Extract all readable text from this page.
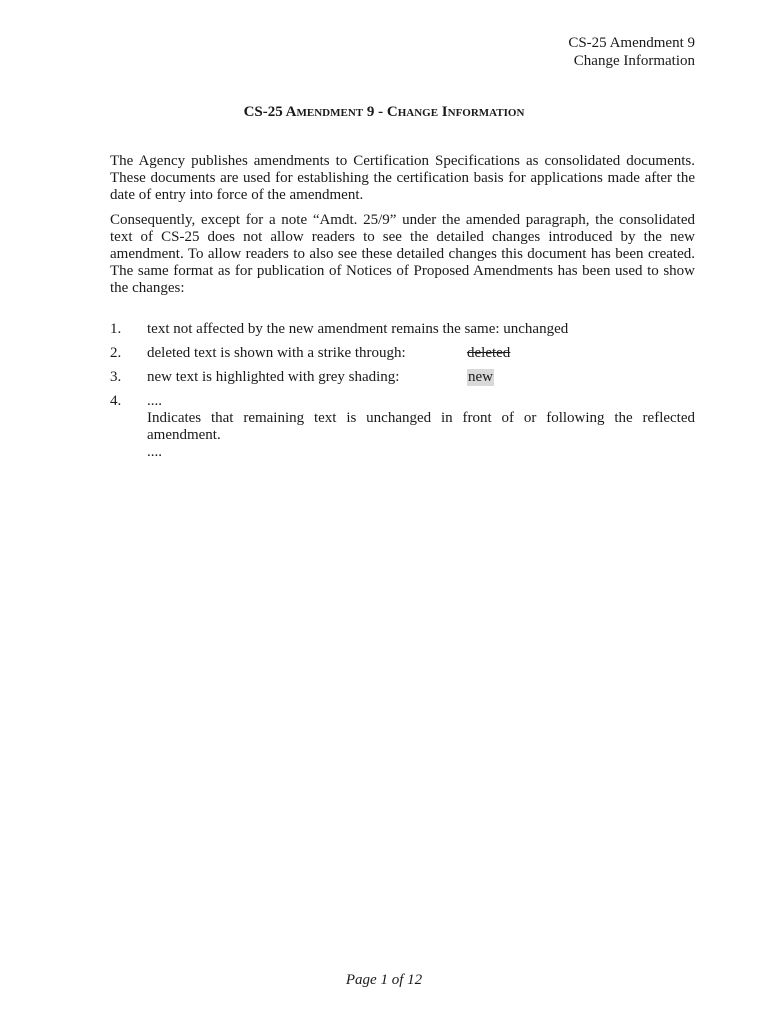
CS-25 Amendment 9
Change Information
CS-25 AMENDMENT 9 - CHANGE INFORMATION
The Agency publishes amendments to Certification Specifications as consolidated documents. These documents are used for establishing the certification basis for applications made after the date of entry into force of the amendment.
Consequently, except for a note “Amdt. 25/9” under the amended paragraph, the consolidated text of CS-25 does not allow readers to see the detailed changes introduced by the new amendment. To allow readers to also see these detailed changes this document has been created. The same format as for publication of Notices of Proposed Amendments has been used to show the changes:
1. text not affected by the new amendment remains the same: unchanged
2. deleted text is shown with a strike through:	deleted
3. new text is highlighted with grey shading:	new
4. ....
Indicates that remaining text is unchanged in front of or following the reflected amendment.
....
Page 1 of 12
